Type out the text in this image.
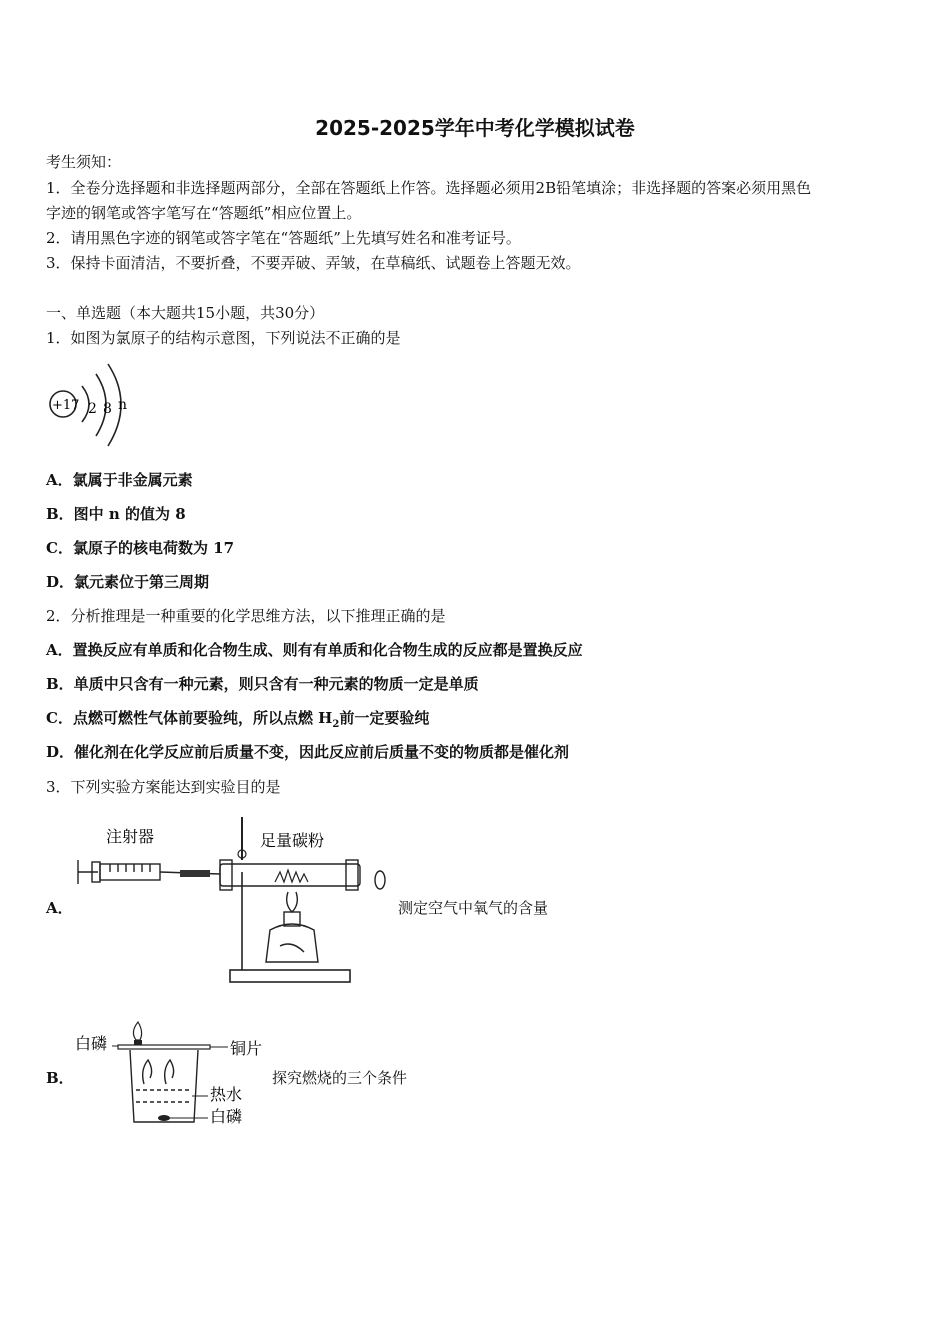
2025-2025学年中考化学模拟试卷
考生须知：
1．全卷分选择题和非选择题两部分，全部在答题纸上作答。选择题必须用2B铅笔填涂；非选择题的答案必须用黑色
字迹的钢笔或答字笔写在“答题纸”相应位置上。
2．请用黑色字迹的钢笔或答字笔在“答题纸”上先填写姓名和准考证号。
3．保持卡面清洁，不要折叠，不要弄破、弄皱，在草稿纸、试题卷上答题无效。
一、单选题（本大题共15小题，共30分）
1．如图为氯原子的结构示意图，下列说法不正确的是
+17 2 8 n
A．氯属于非金属元素
B．图中 n 的值为 8
C．氯原子的核电荷数为 17
D．氯元素位于第三周期
2．分析推理是一种重要的化学思维方法，以下推理正确的是
A．置换反应有单质和化合物生成、则有有单质和化合物生成的反应都是置换反应
B．单质中只含有一种元素，则只含有一种元素的物质一定是单质
C．点燃可燃性气体前要验纯，所以点燃 $H_2$前一定要验纯
D．催化剂在化学反应前后质量不变，因此反应前后质量不变的物质都是催化剂
3．下列实验方案能达到实验目的是
A．
注射器	足量碳粉
测定空气中氧气的含量
B．
白磷	铜片
热水
白磷
探究燃烧的三个条件
